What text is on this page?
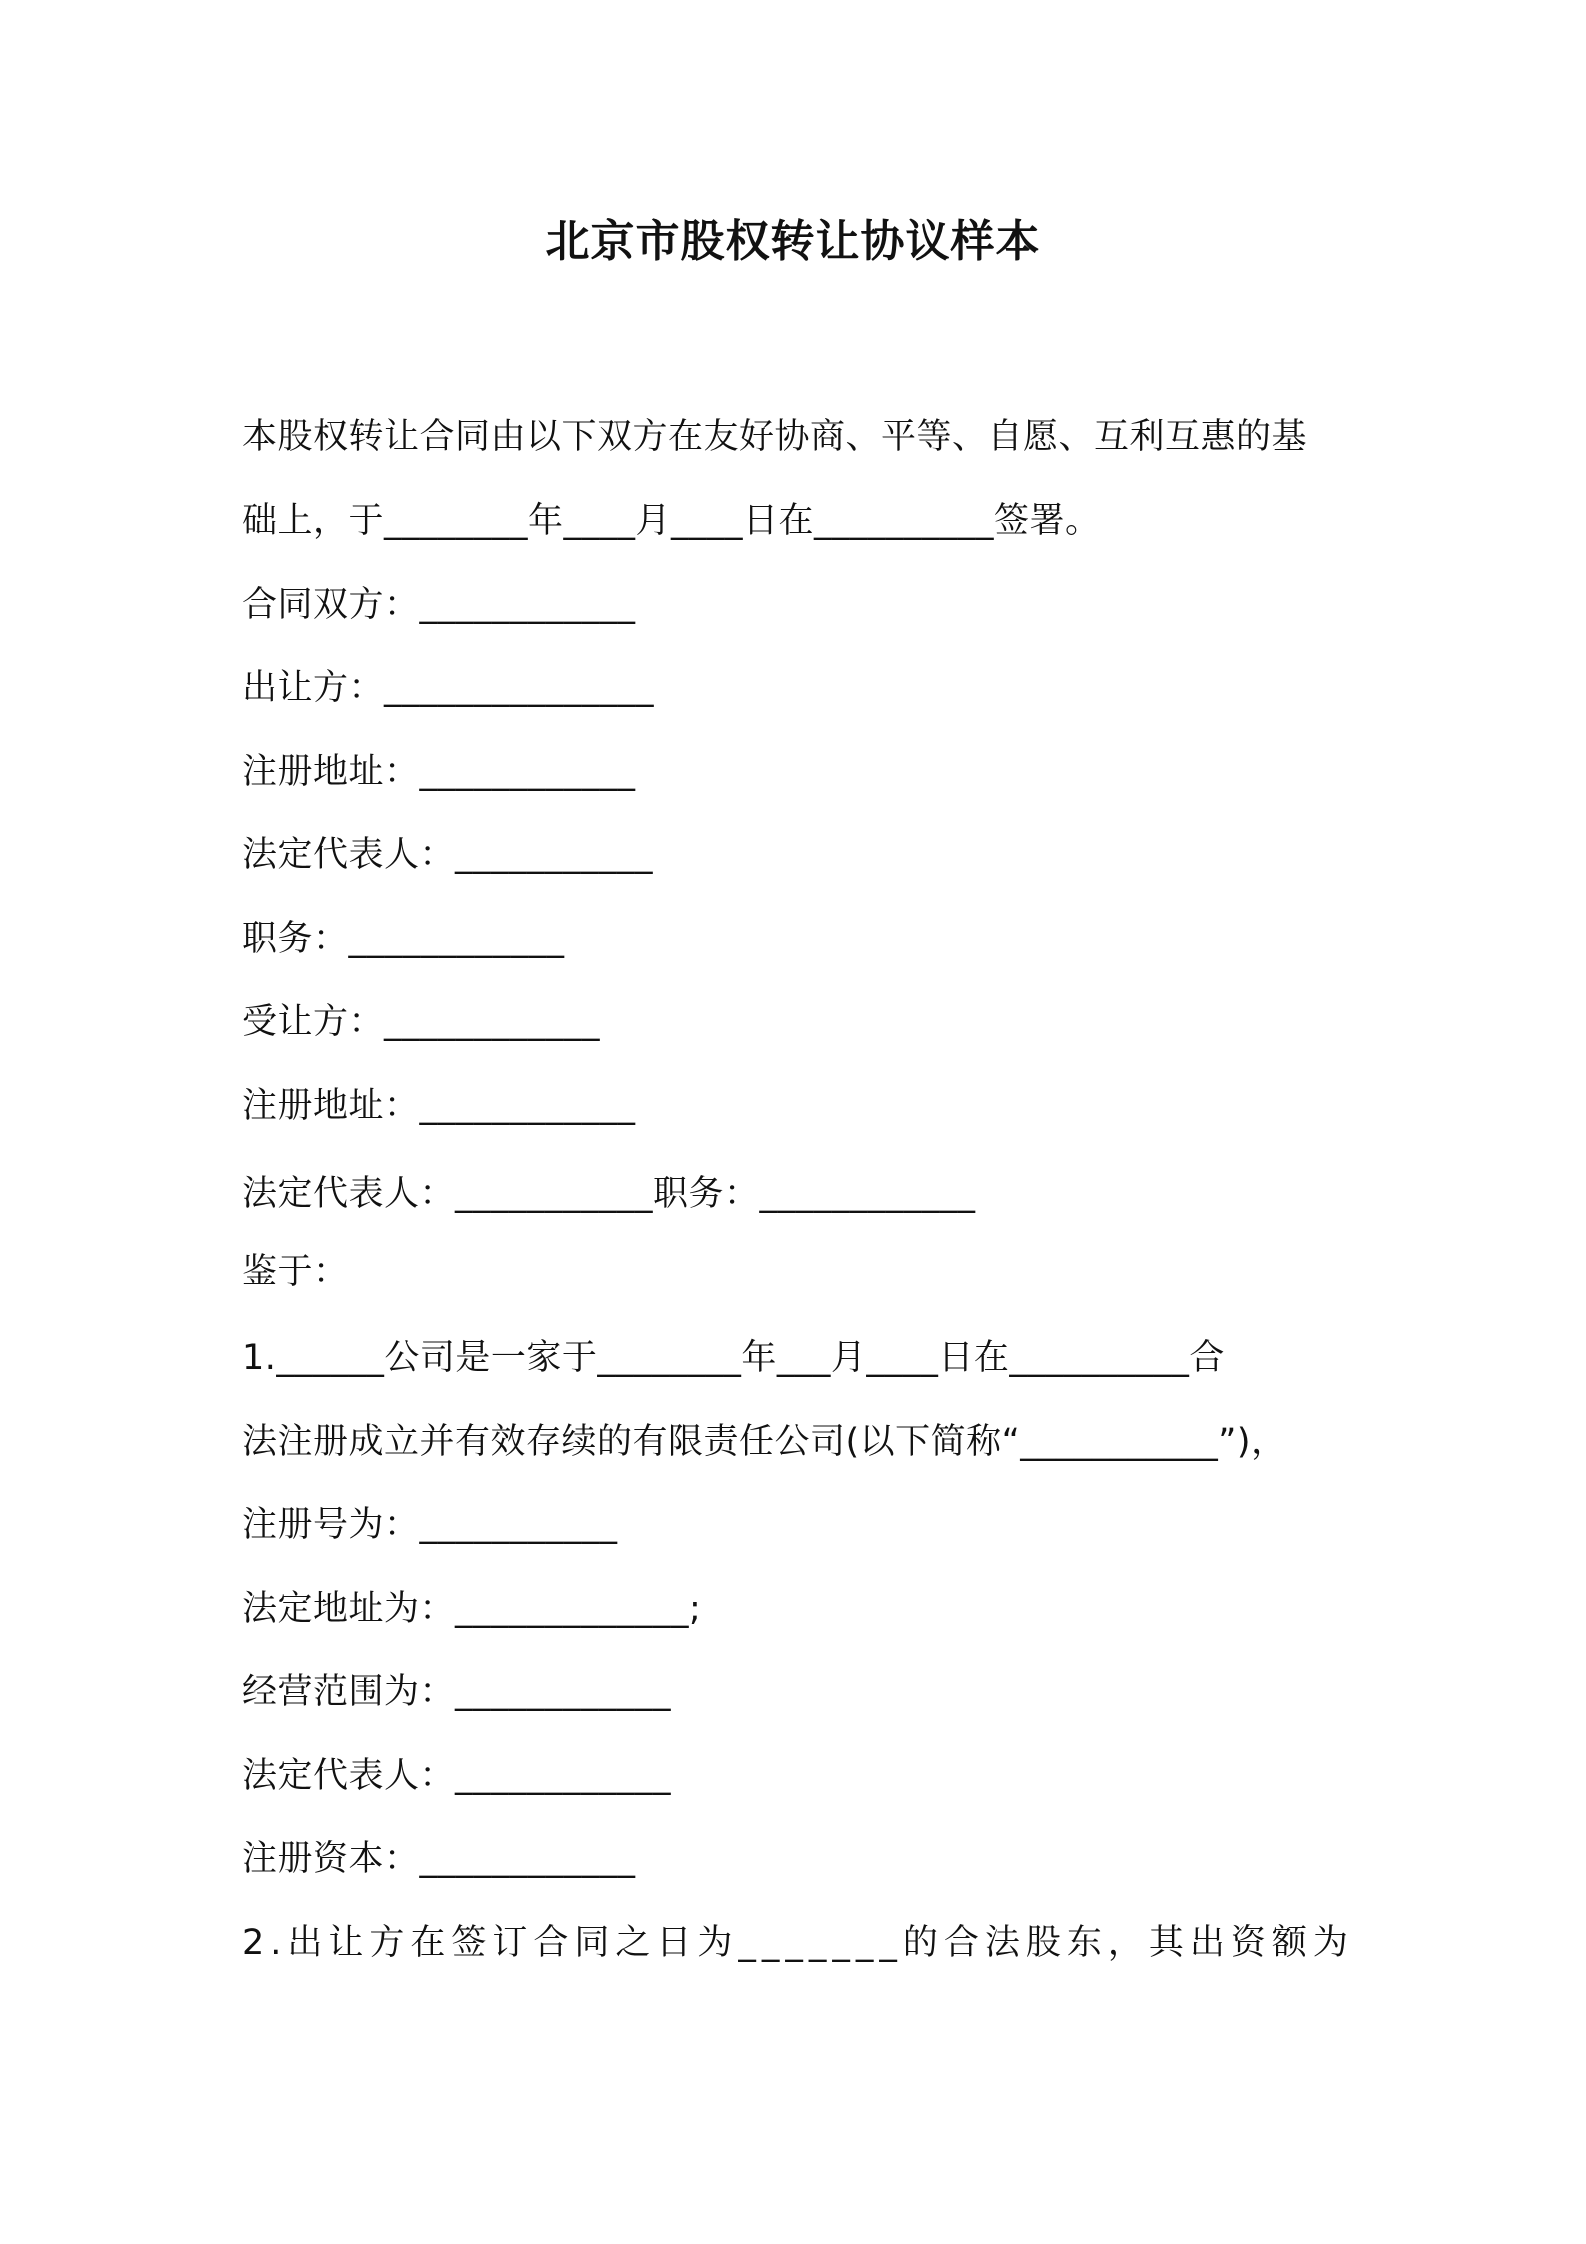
北京市股权转让协议样本
本股权转让合同由以下双方在友好协商、平等、自愿、互利互惠的基
础上，于________年____月____日在__________签署。
合同双方：____________
出让方：_______________
注册地址：____________
法定代表人：___________
职务：____________
受让方：____________
注册地址：____________
法定代表人：___________职务：____________
鉴于：
1.______公司是一家于________年___月____日在__________合
法注册成立并有效存续的有限责任公司(以下简称“___________”)，
注册号为：___________
法定地址为：_____________;
经营范围为：____________
法定代表人：____________
注册资本：____________
2.出让方在签订合同之日为_______的合法股东，其出资额为
